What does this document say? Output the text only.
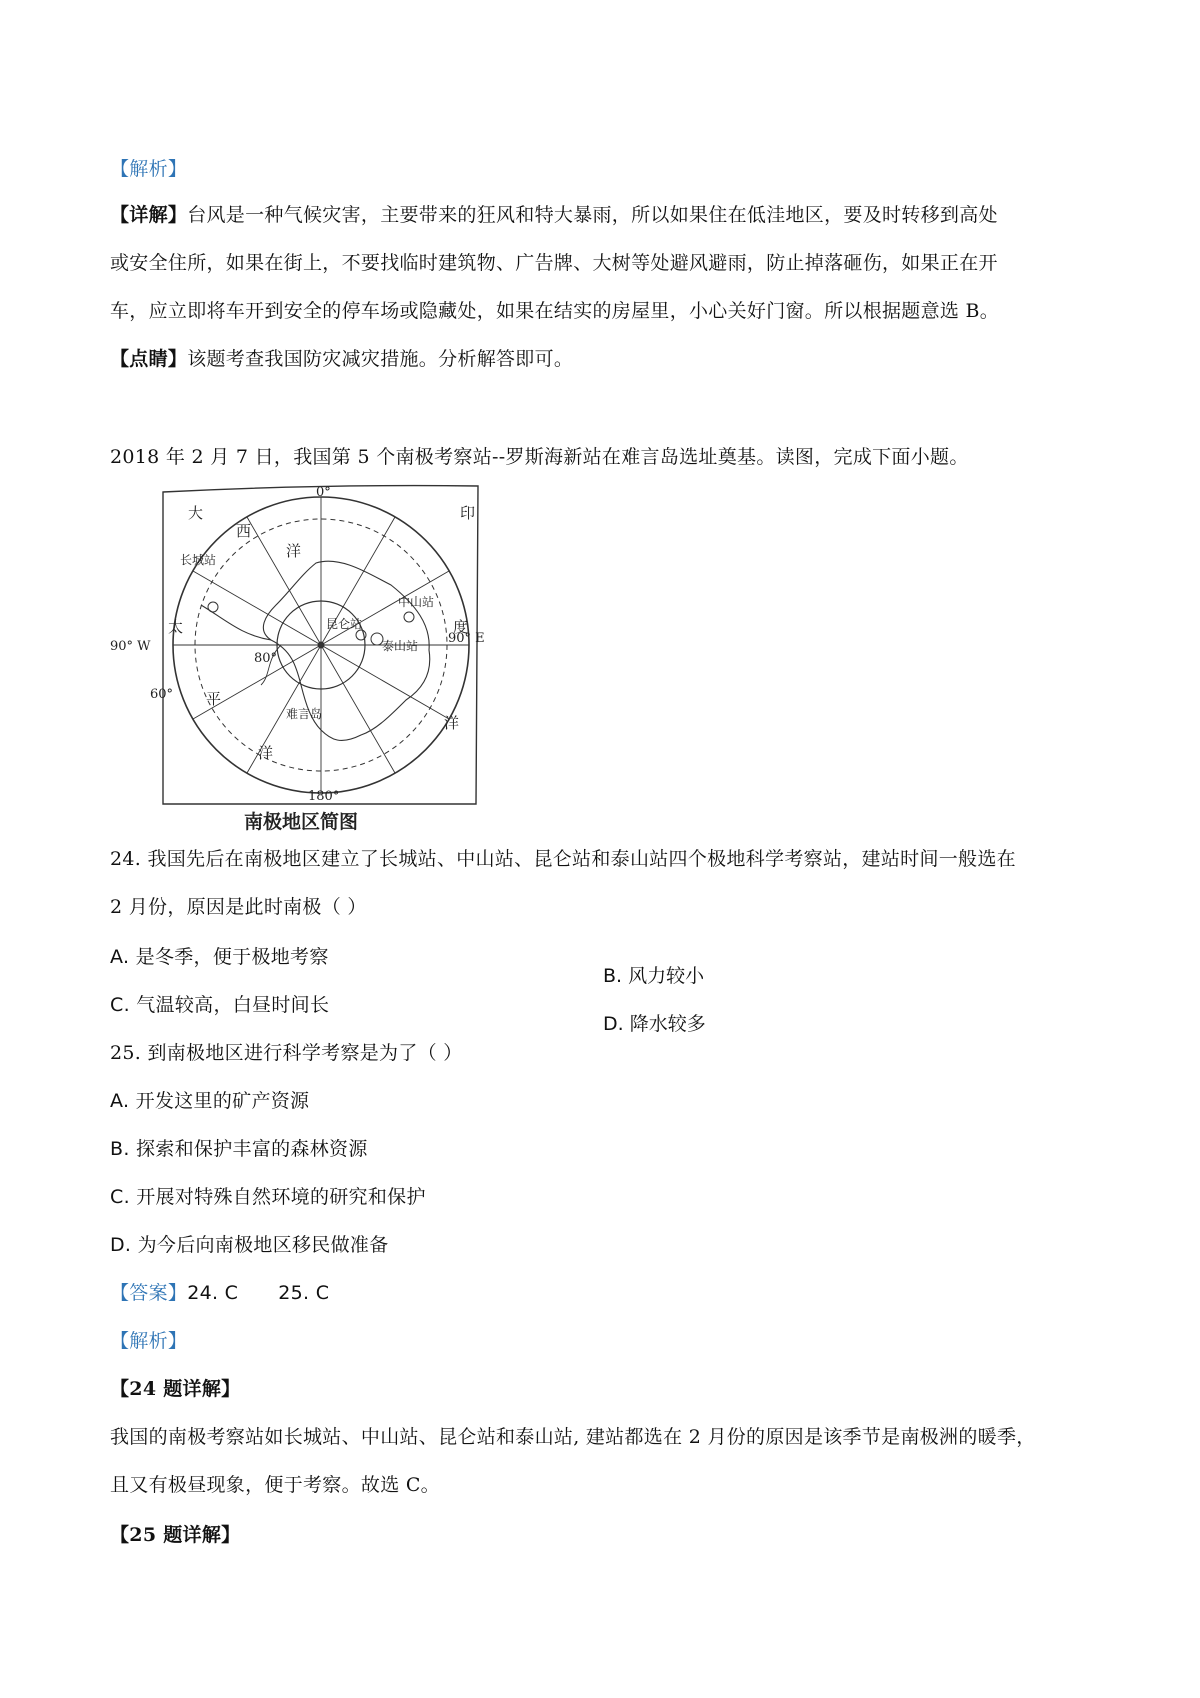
【解析】

【详解】台风是一种气候灾害，主要带来的狂风和特大暴雨，所以如果住在低洼地区，要及时转移到高处

或安全住所，如果在街上，不要找临时建筑物、广告牌、大树等处避风避雨，防止掉落砸伤，如果正在开

车，应立即将车开到安全的停车场或隐藏处，如果在结实的房屋里，小心关好门窗。所以根据题意选 B。

【点睛】该题考查我国防灾减灾措施。分析解答即可。

2018 年 2 月 7 日，我国第 5 个南极考察站--罗斯海新站在难言岛选址奠基。读图，完成下面小题。

0°
180°
90° W
90° E
60°
80°
大
西
洋
太
平
洋
印
度
洋
长城站
中山站
昆仑站
泰山站
难言岛
南极地区简图

24. 我国先后在南极地区建立了长城站、中山站、昆仑站和泰山站四个极地科学考察站，建站时间一般选在

2 月份，原因是此时南极（ ）

A. 是冬季，便于极地考察

B. 风力较小

C. 气温较高，白昼时间长

D. 降水较多

25. 到南极地区进行科学考察是为了（ ）

A. 开发这里的矿产资源

B. 探索和保护丰富的森林资源

C. 开展对特殊自然环境的研究和保护

D. 为今后向南极地区移民做准备

【答案】24. C 25. C

【解析】

【24 题详解】

我国的南极考察站如长城站、中山站、昆仑站和泰山站, 建站都选在 2 月份的原因是该季节是南极洲的暖季，

且又有极昼现象，便于考察。故选 C。

【25 题详解】
